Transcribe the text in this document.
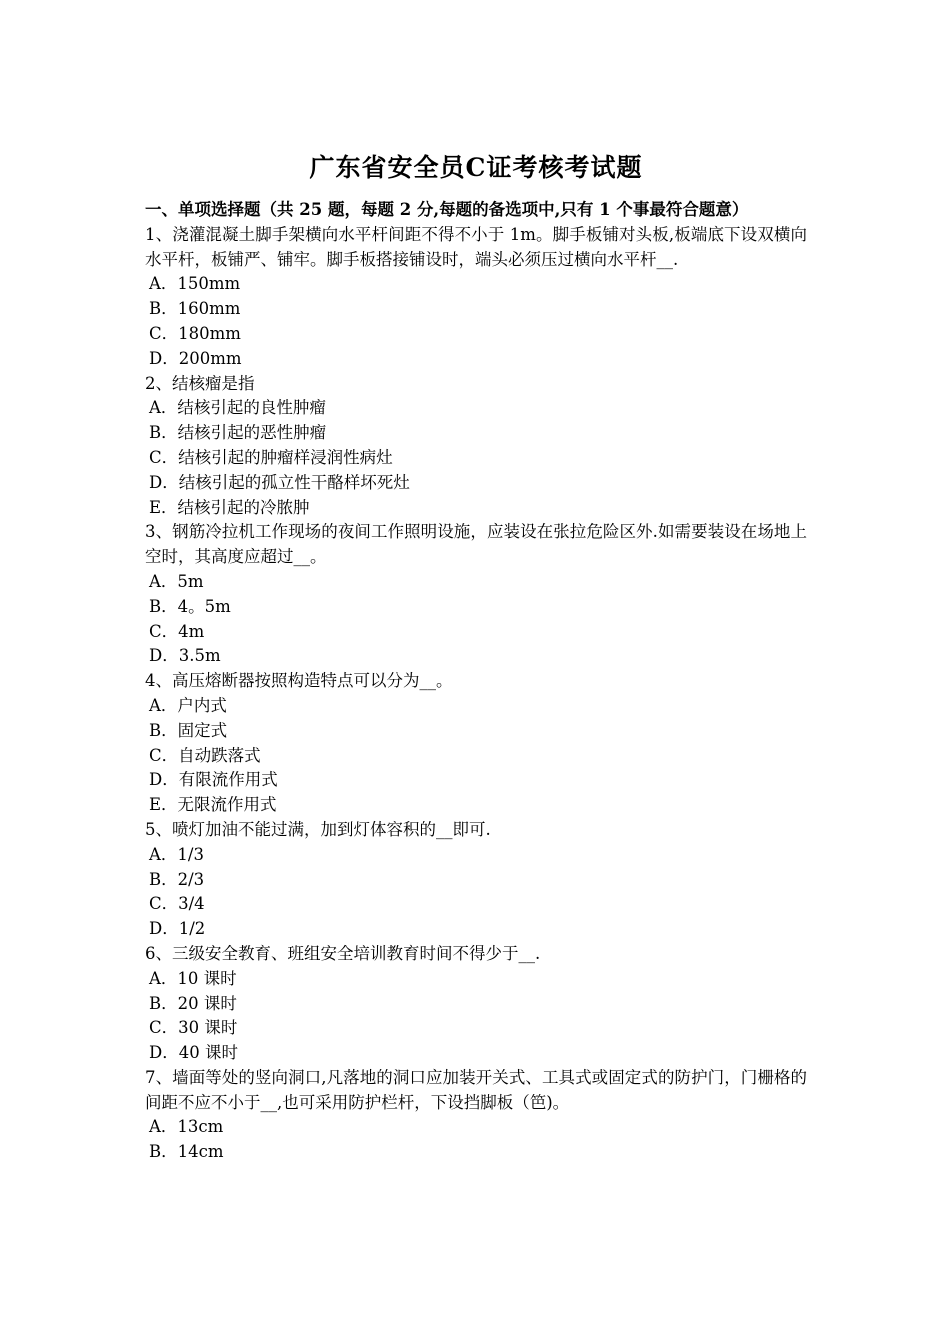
广东省安全员C证考核考试题

一、单项选择题（共 25 题，每题 2 分,每题的备选项中,只有 1 个事最符合题意）

1、浇灌混凝土脚手架横向水平杆间距不得不小于 1m。脚手板铺对头板,板端底下设双横向水平杆，板铺严、铺牢。脚手板搭接铺设时，端头必须压过横向水平杆__.

A．150mm

B．160mm

C．180mm

D．200mm

2、结核瘤是指

A．结核引起的良性肿瘤

B．结核引起的恶性肿瘤

C．结核引起的肿瘤样浸润性病灶

D．结核引起的孤立性干酪样坏死灶

E．结核引起的冷脓肿

3、钢筋冷拉机工作现场的夜间工作照明设施，应装设在张拉危险区外.如需要装设在场地上空时，其高度应超过__。

A．5m

B．4。5m

C．4m

D．3.5m

4、高压熔断器按照构造特点可以分为__。

A．户内式

B．固定式

C．自动跌落式

D．有限流作用式

E．无限流作用式

5、喷灯加油不能过满，加到灯体容积的__即可.

A．1/3

B．2/3

C．3/4

D．1/2

6、三级安全教育、班组安全培训教育时间不得少于__.

A．10 课时

B．20 课时

C．30 课时

D．40 课时

7、墙面等处的竖向洞口,凡落地的洞口应加装开关式、工具式或固定式的防护门，门栅格的间距不应不小于__,也可采用防护栏杆，下设挡脚板（笆)。

A．13cm

B．14cm
